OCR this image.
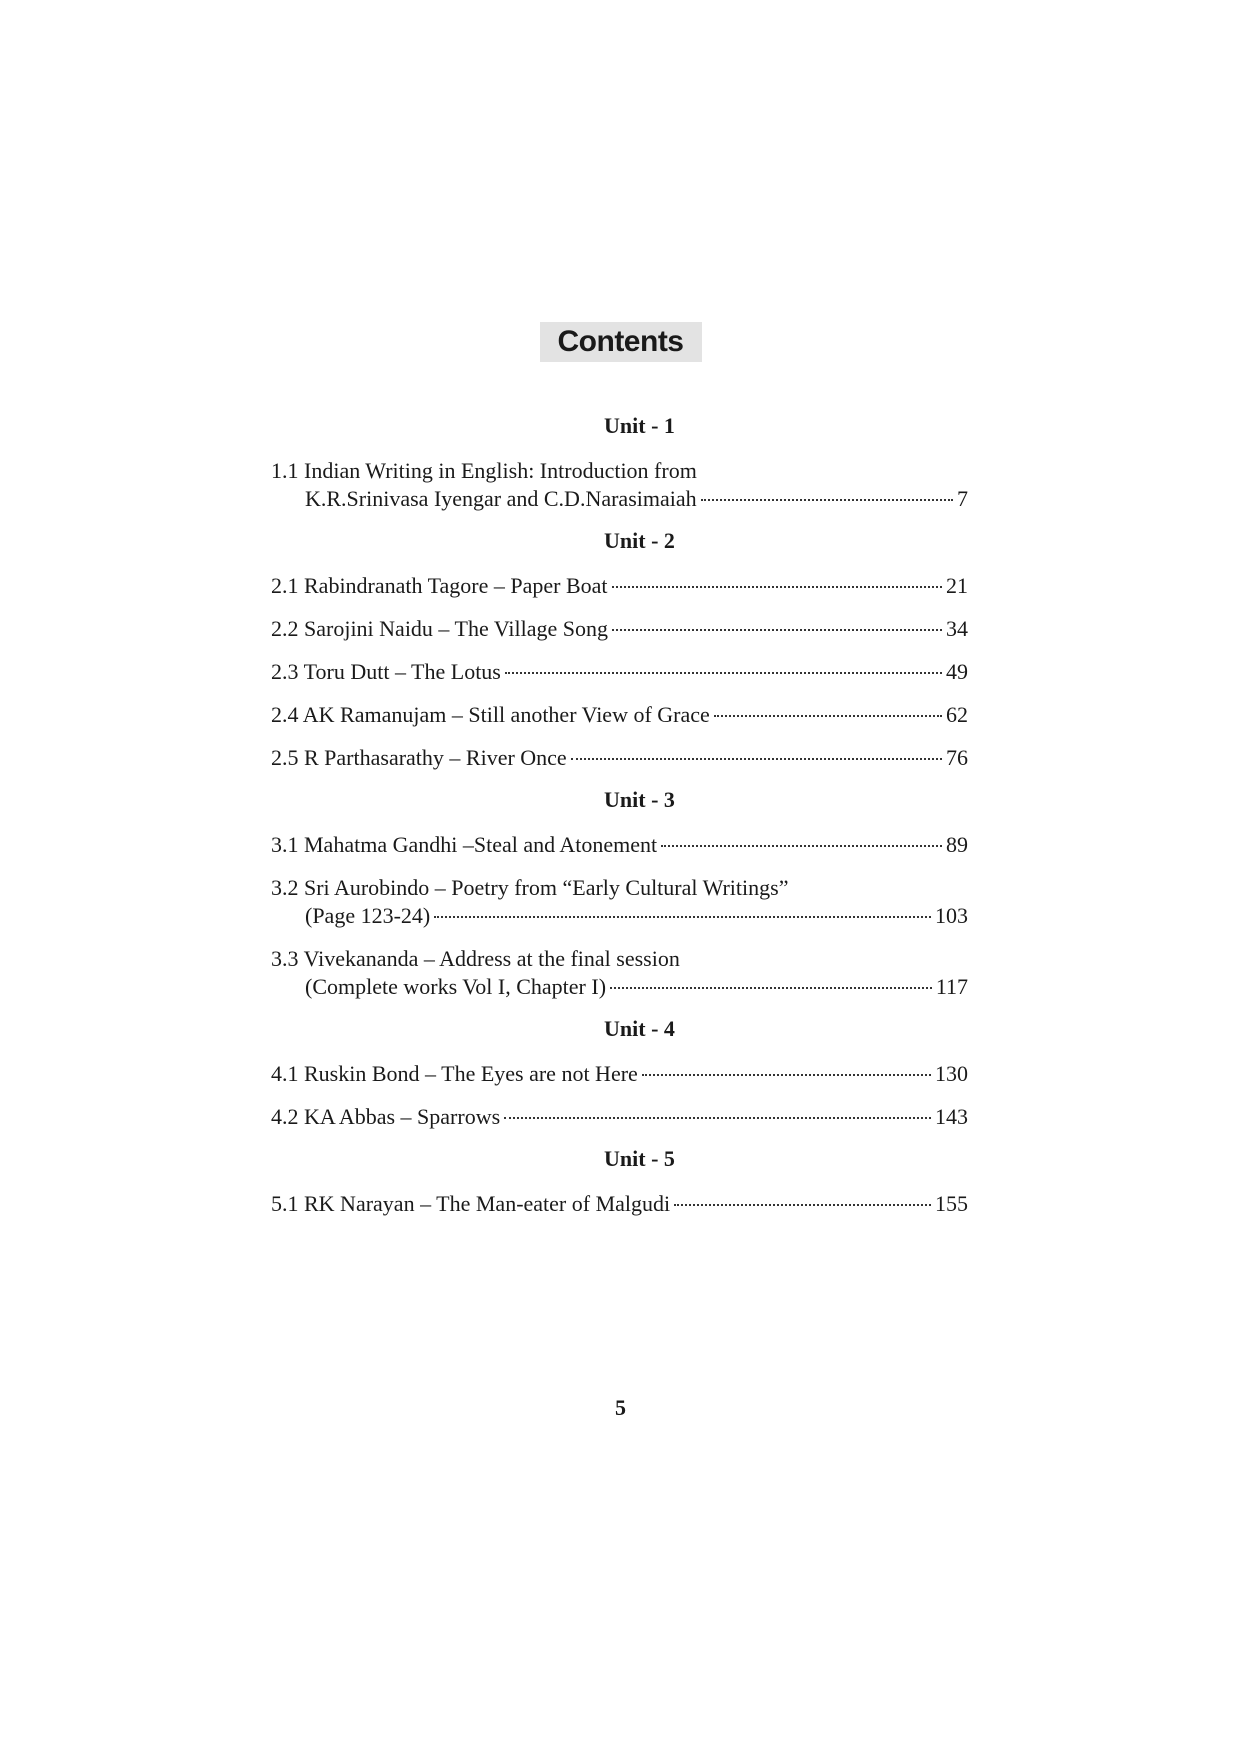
Contents
Unit - 1
1.1 Indian Writing in English: Introduction from
K.R.Srinivasa Iyengar and C.D.Narasimaiah	7
Unit - 2
2.1 Rabindranath Tagore – Paper Boat	21
2.2 Sarojini Naidu – The Village Song	34
2.3 Toru Dutt – The Lotus	49
2.4 AK Ramanujam – Still another View of Grace	62
2.5 R Parthasarathy – River Once	76
Unit - 3
3.1 Mahatma Gandhi –Steal and Atonement	89
3.2 Sri Aurobindo – Poetry from “Early Cultural Writings”
(Page 123-24)	103
3.3 Vivekananda – Address at the final session
(Complete works Vol I, Chapter I)	117
Unit - 4
4.1 Ruskin Bond – The Eyes are not Here	130
4.2 KA Abbas – Sparrows	143
Unit - 5
5.1 RK Narayan – The Man-eater of Malgudi	155
5
